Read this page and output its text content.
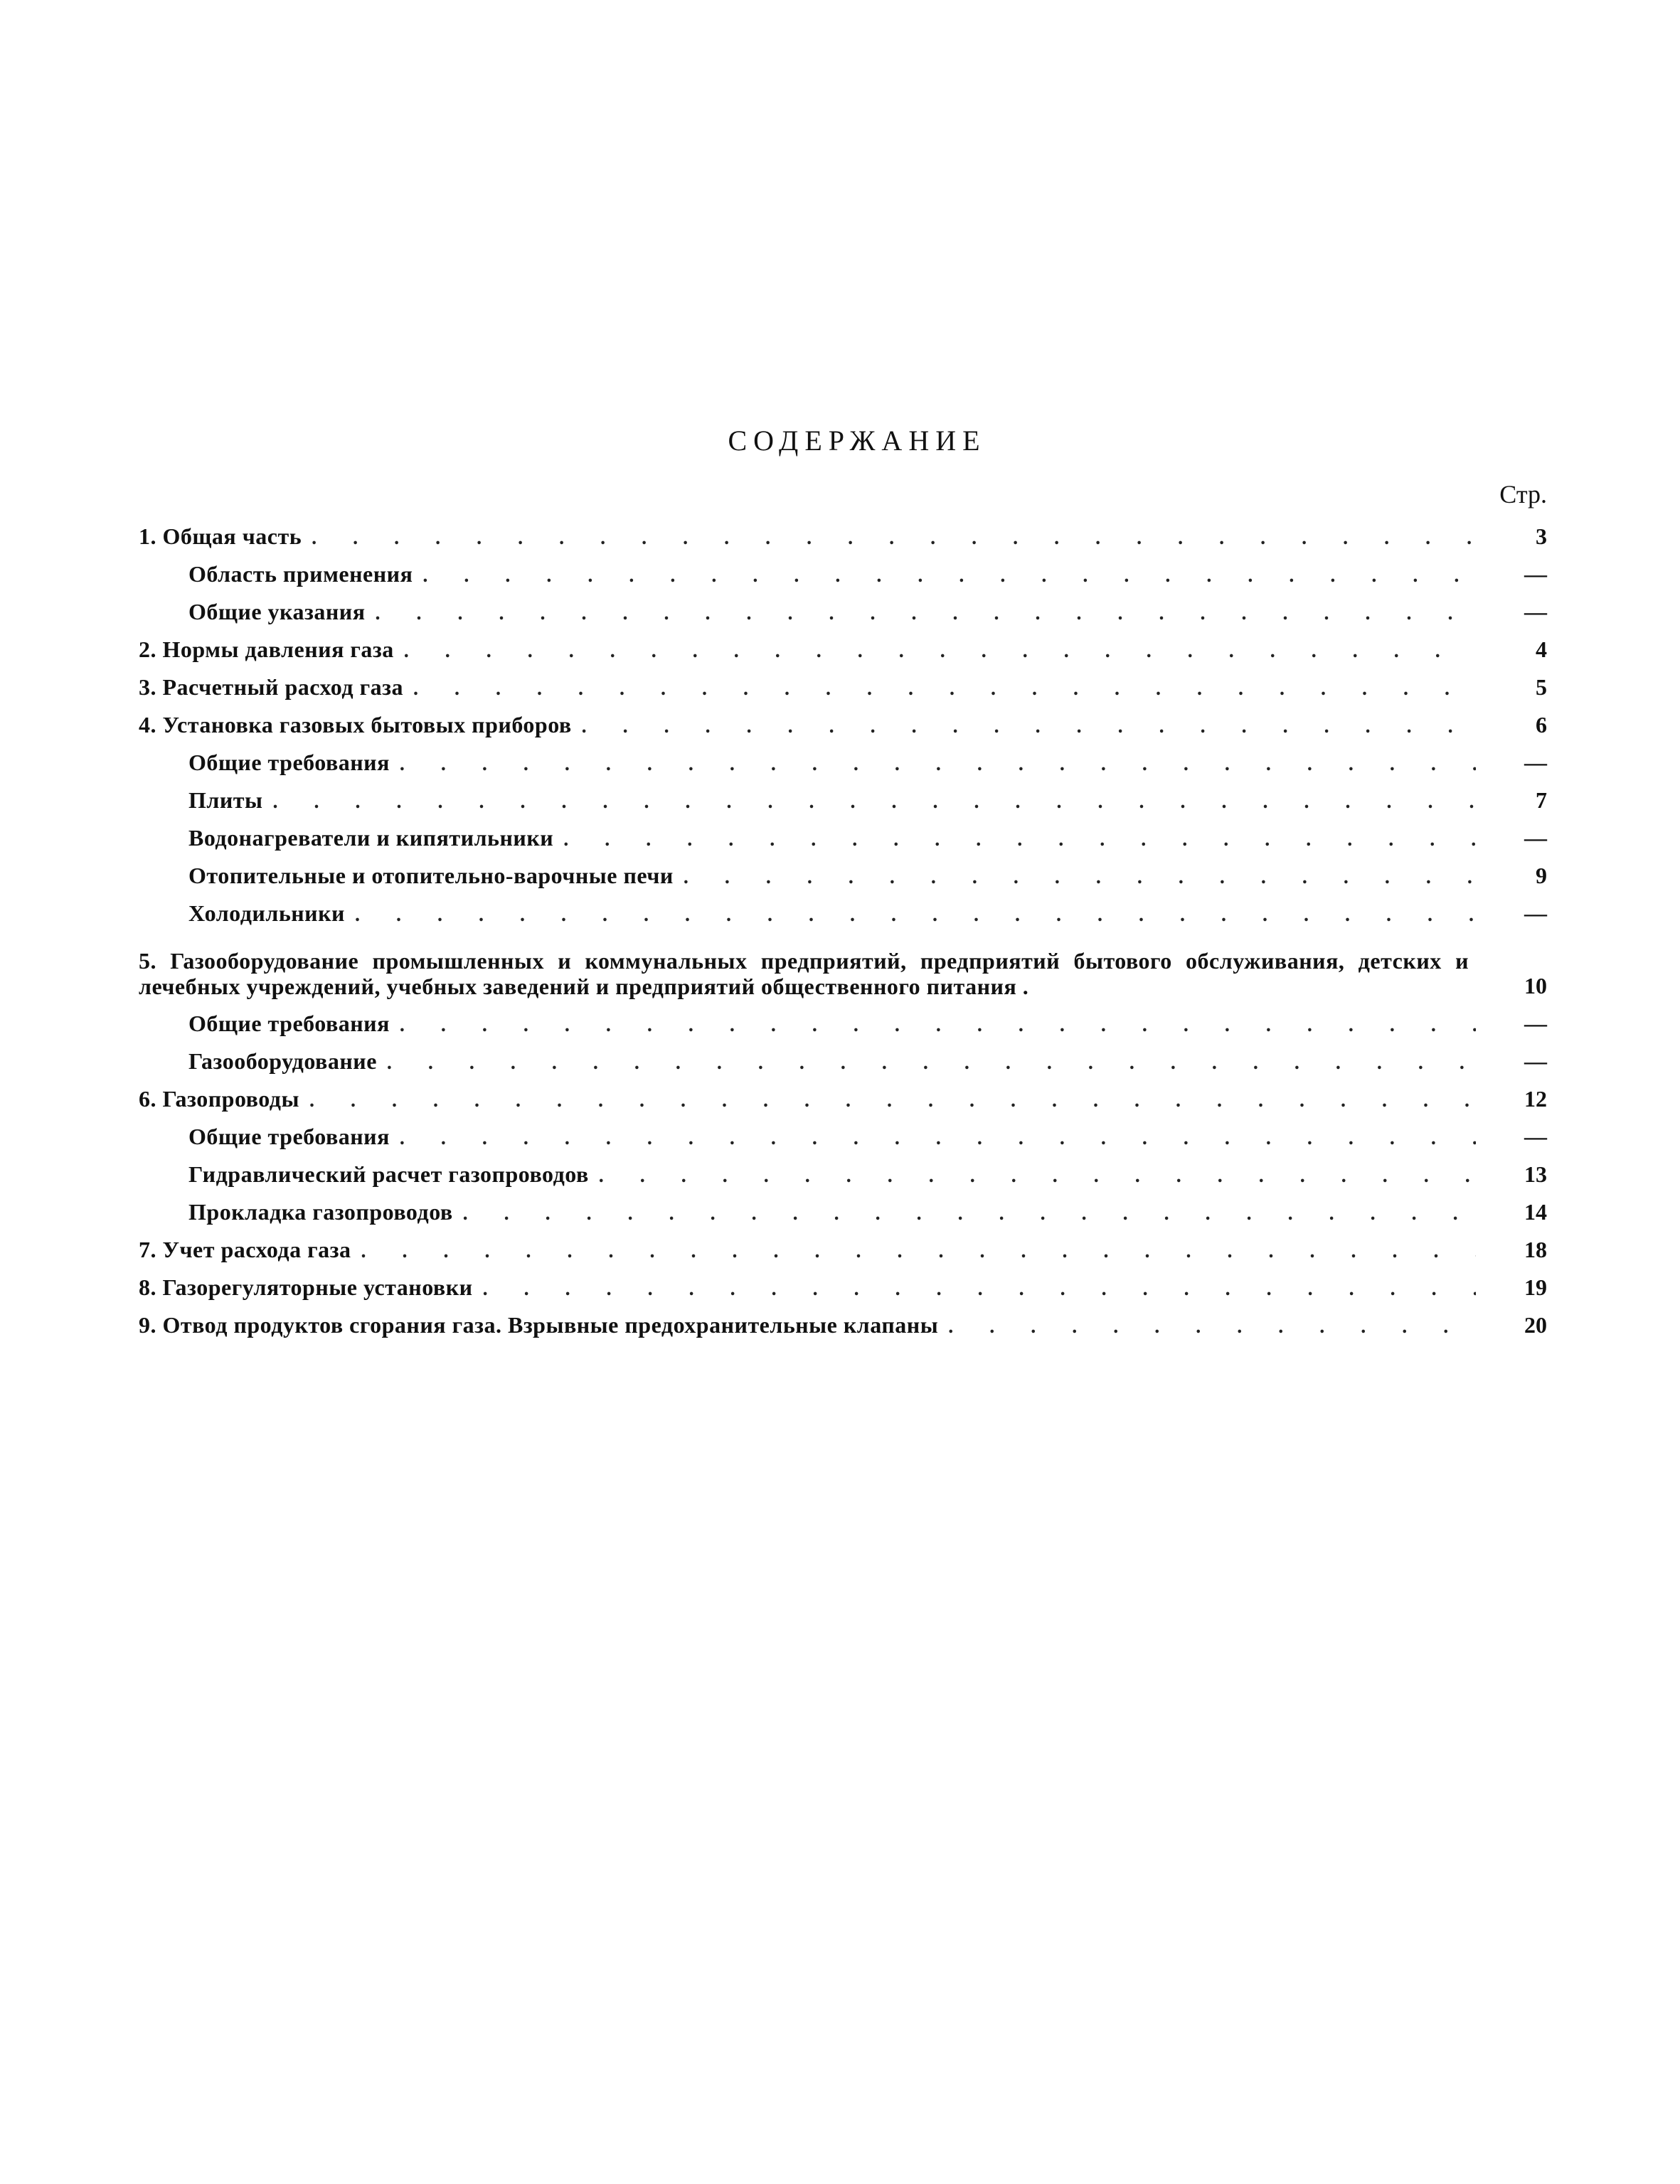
СОДЕРЖАНИЕ
Стр.
1. Общая часть . . .	3
Область применения . . .	—
Общие указания . . .	—
2. Нормы давления газа . . .	4
3. Расчетный расход газа . . .	5
4. Установка газовых бытовых приборов . . .	6
Общие требования . . .	—
Плиты . . .	7
Водонагреватели и кипятильники . . .	—
Отопительные и отопительно-варочные печи . . .	9
Холодильники . . .	—
5. Газооборудование промышленных и коммунальных предприятий, предприятий бытового обслуживания, детских и лечебных учреждений, учебных заведений и предприятий общественного питания .	10
Общие требования . . .	—
Газооборудование . . .	—
6. Газопроводы . . .	12
Общие требования . . .	—
Гидравлический расчет газопроводов . . .	13
Прокладка газопроводов . . .	14
7. Учет расхода газа . . .	18
8. Газорегуляторные установки . . .	19
9. Отвод продуктов сгорания газа. Взрывные предохранительные клапаны . . .	20
